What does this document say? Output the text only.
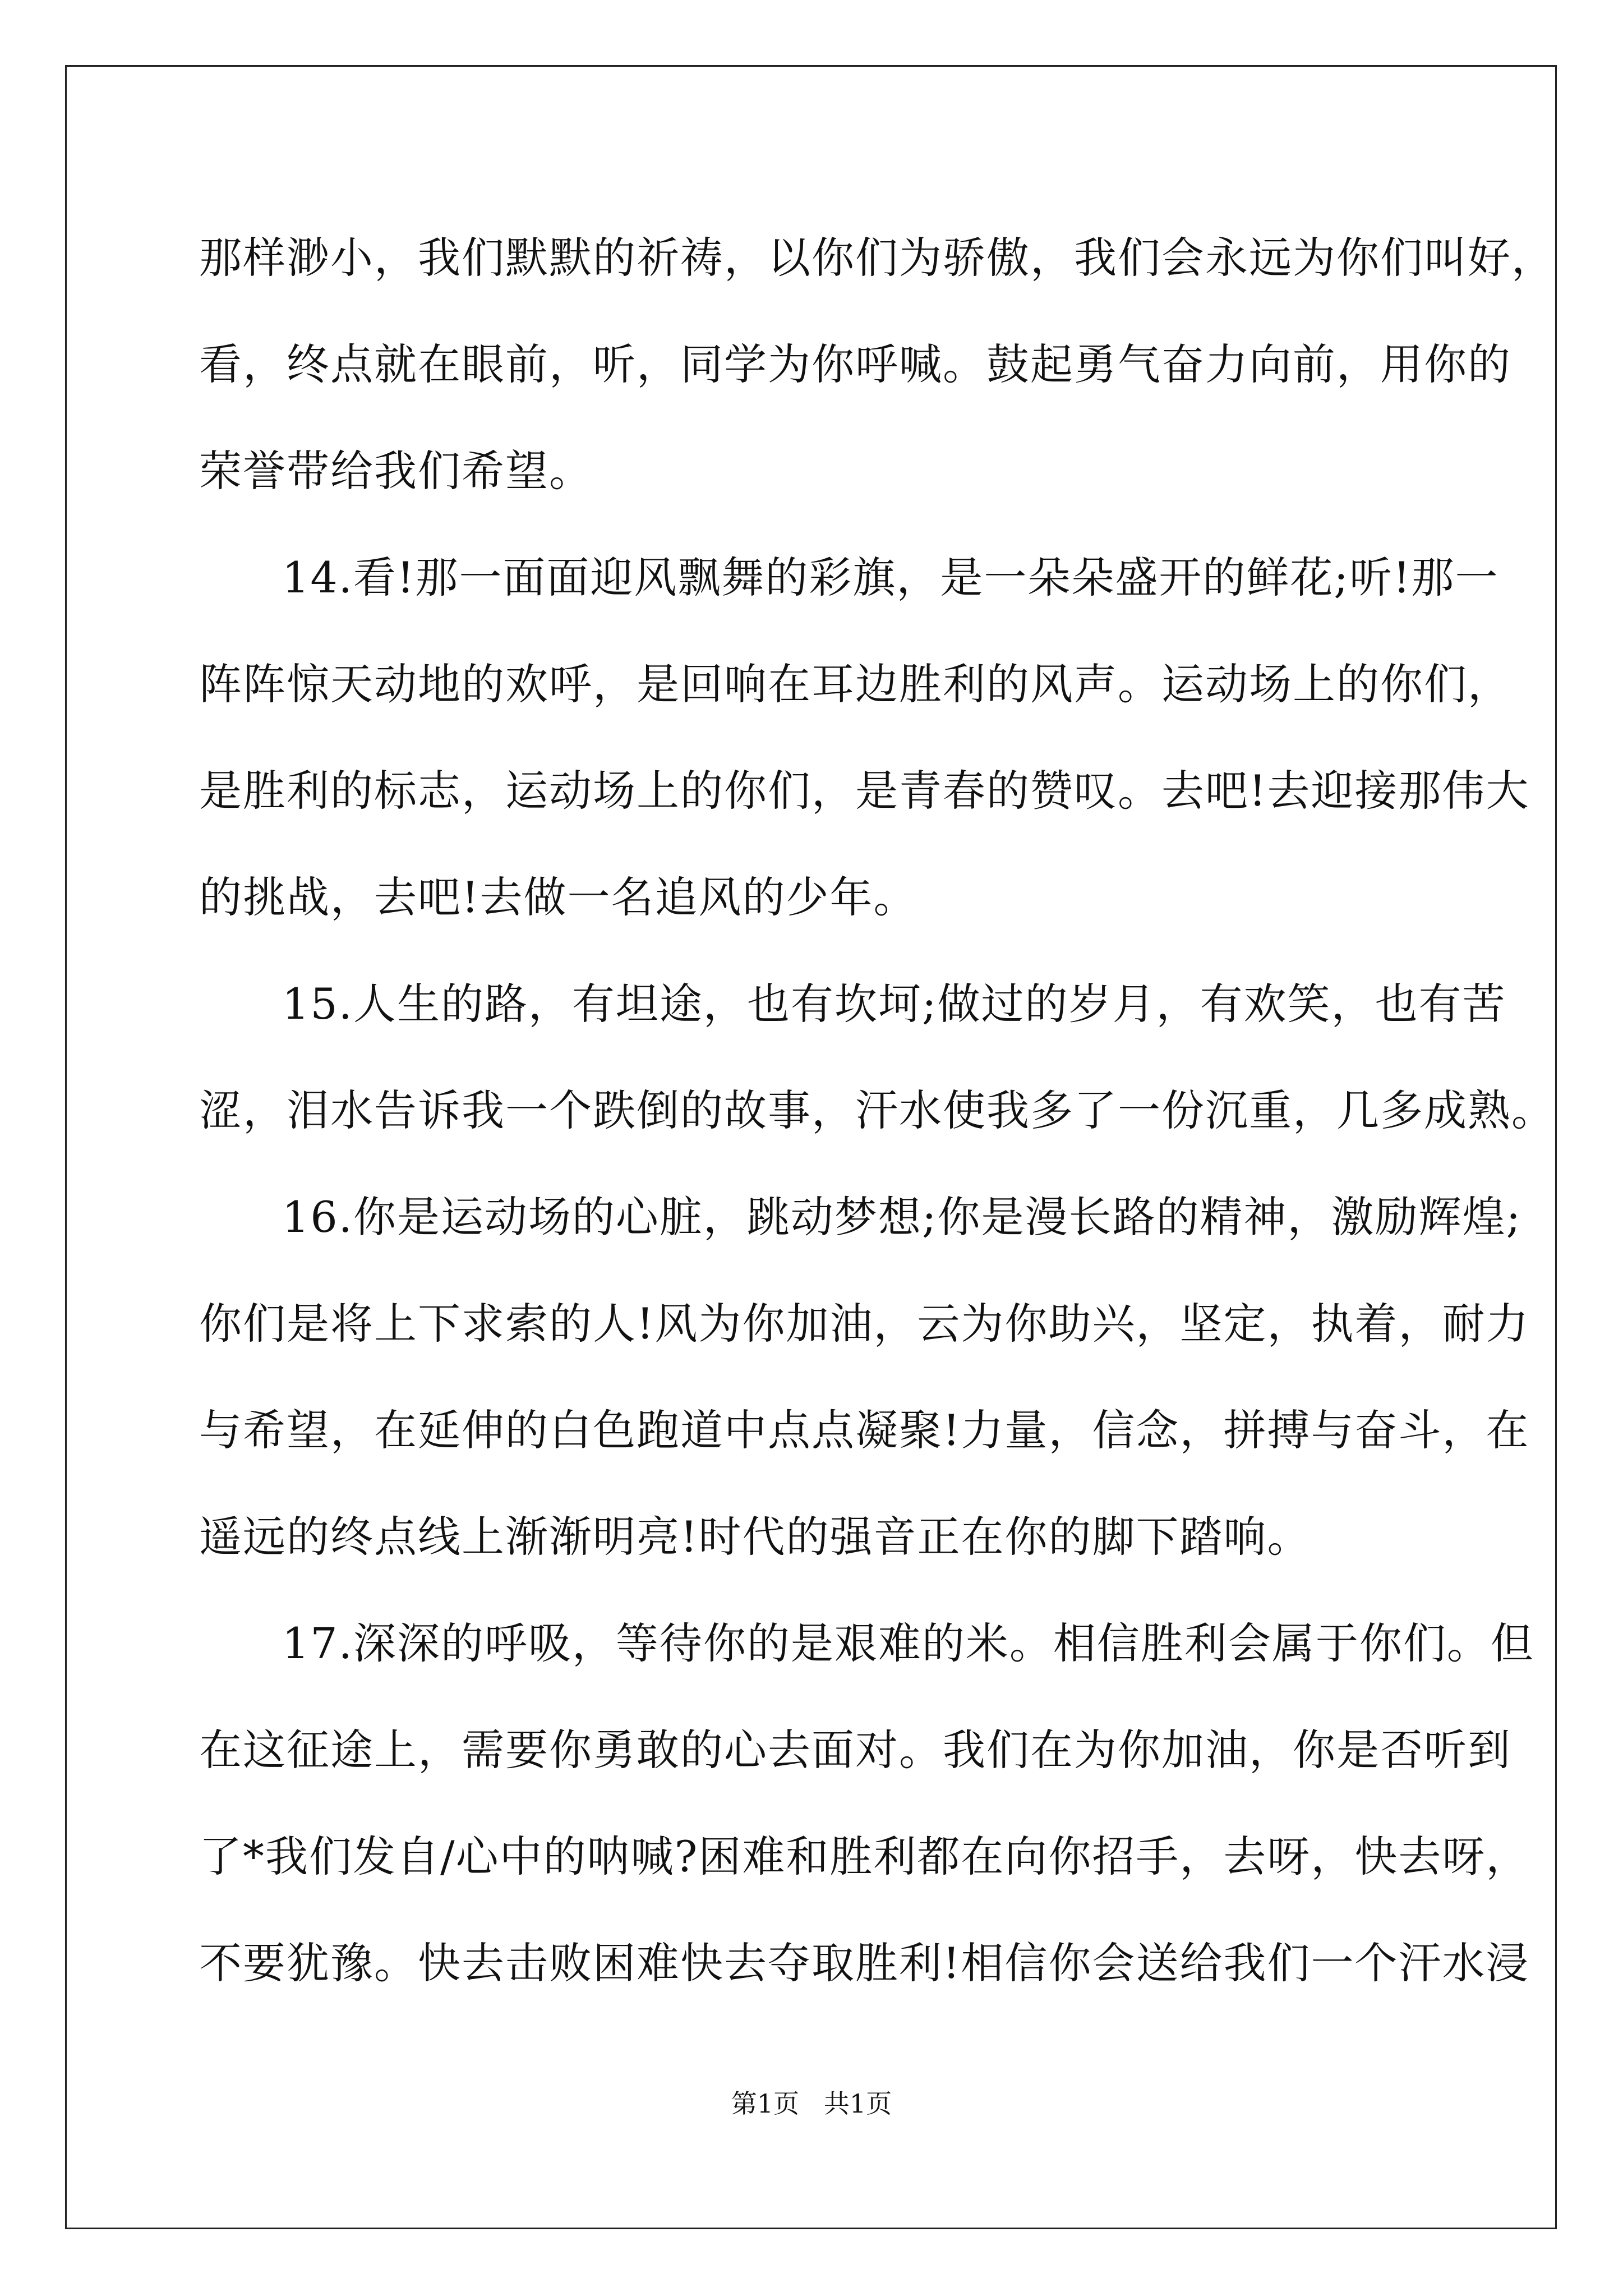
那样渺小，我们默默的祈祷，以你们为骄傲，我们会永远为你们叫好，
看，终点就在眼前，听，同学为你呼喊。鼓起勇气奋力向前，用你的
荣誉带给我们希望。
14.看!那一面面迎风飘舞的彩旗，是一朵朵盛开的鲜花;听!那一
阵阵惊天动地的欢呼，是回响在耳边胜利的风声。运动场上的你们，
是胜利的标志，运动场上的你们，是青春的赞叹。去吧!去迎接那伟大
的挑战，去吧!去做一名追风的少年。
15.人生的路，有坦途，也有坎坷;做过的岁月，有欢笑，也有苦
涩，泪水告诉我一个跌倒的故事，汗水使我多了一份沉重，几多成熟。
16.你是运动场的心脏，跳动梦想;你是漫长路的精神，激励辉煌;
你们是将上下求索的人!风为你加油，云为你助兴，坚定，执着，耐力
与希望，在延伸的白色跑道中点点凝聚!力量，信念，拼搏与奋斗，在
遥远的终点线上渐渐明亮!时代的强音正在你的脚下踏响。
17.深深的呼吸，等待你的是艰难的米。相信胜利会属于你们。但
在这征途上，需要你勇敢的心去面对。我们在为你加油，你是否听到
了*我们发自/心中的呐喊?困难和胜利都在向你招手，去呀，快去呀，
不要犹豫。快去击败困难快去夺取胜利!相信你会送给我们一个汗水浸
第1页   共1页
